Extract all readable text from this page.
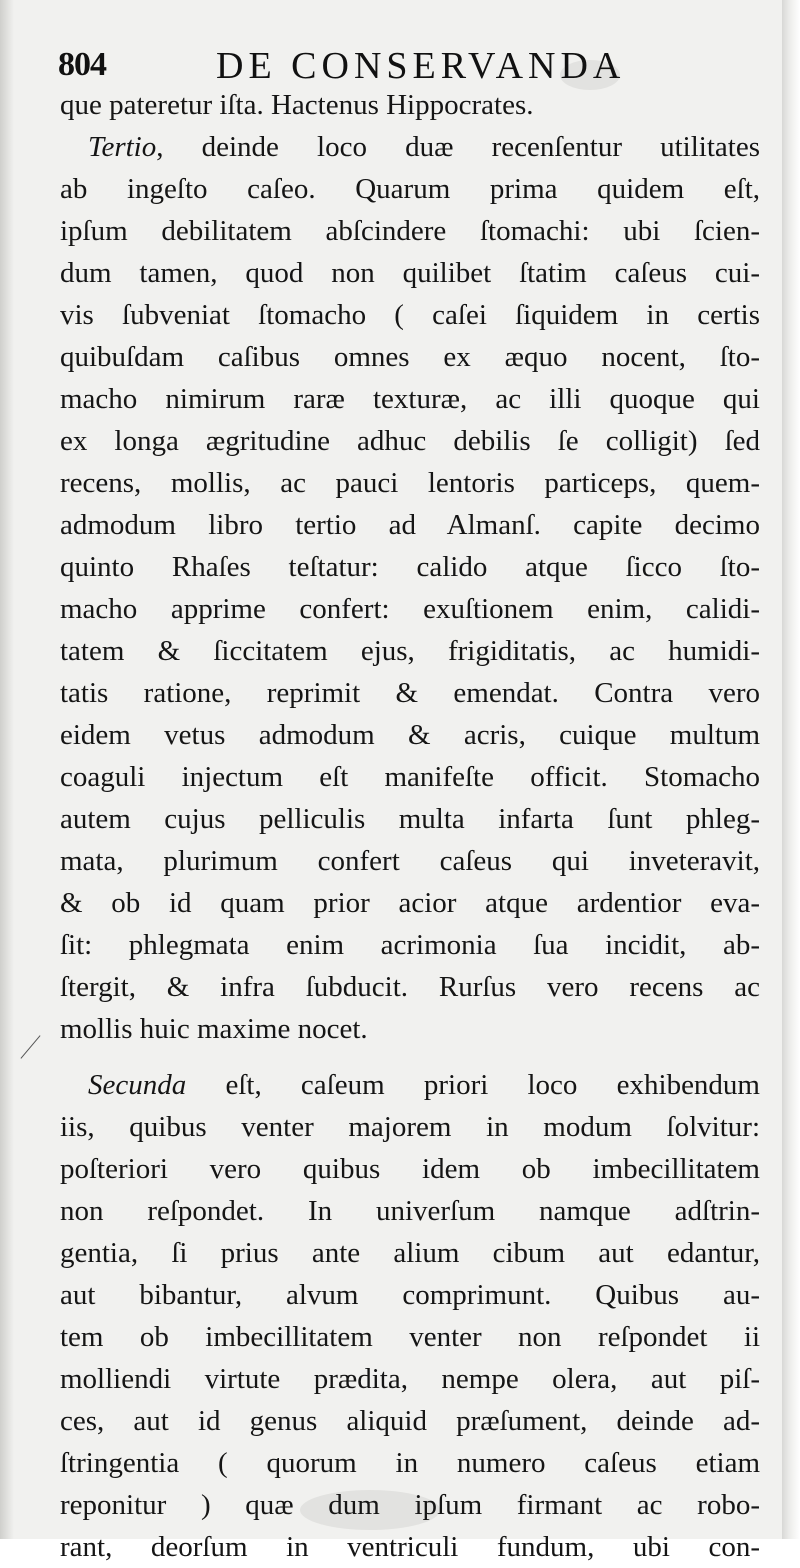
804	DE CONSERVANDA
que pateretur iſta. Hactenus Hippocrates.
Tertio, deinde loco duæ recenſentur utilitates
ab ingeſto caſeo. Quarum prima quidem eſt,
ipſum debilitatem abſcindere ſtomachi: ubi ſcien-
dum tamen, quod non quilibet ſtatim caſeus cui-
vis ſubveniat ſtomacho ( caſei ſiquidem in certis
quibuſdam caſibus omnes ex æquo nocent, ſto-
macho nimirum raræ texturæ, ac illi quoque qui
ex longa ægritudine adhuc debilis ſe colligit) ſed
recens, mollis, ac pauci lentoris particeps, quem-
admodum libro tertio ad Almanſ. capite decimo
quinto Rhaſes teſtatur: calido atque ſicco ſto-
macho apprime confert: exuſtionem enim, calidi-
tatem & ſiccitatem ejus, frigiditatis, ac humidi-
tatis ratione, reprimit & emendat. Contra vero
eidem vetus admodum & acris, cuique multum
coaguli injectum eſt manifeſte officit. Stomacho
autem cujus pelliculis multa infarta ſunt phleg-
mata, plurimum confert caſeus qui inveteravit,
& ob id quam prior acior atque ardentior eva-
ſit: phlegmata enim acrimonia ſua incidit, ab-
ſtergit, & infra ſubducit. Rurſus vero recens ac
mollis huic maxime nocet.
Secunda eſt, caſeum priori loco exhibendum
iis, quibus venter majorem in modum ſolvitur:
poſteriori vero quibus idem ob imbecillitatem
non reſpondet. In univerſum namque adſtrin-
gentia, ſi prius ante alium cibum aut edantur,
aut bibantur, alvum comprimunt. Quibus au-
tem ob imbecillitatem venter non reſpondet ii
molliendi virtute prædita, nempe olera, aut piſ-
ces, aut id genus aliquid præſument, deinde ad-
ſtringentia ( quorum in numero caſeus etiam
reponitur ) quæ dum ipſum firmant ac robo-
rant, deorſum in ventriculi fundum, ubi con-
